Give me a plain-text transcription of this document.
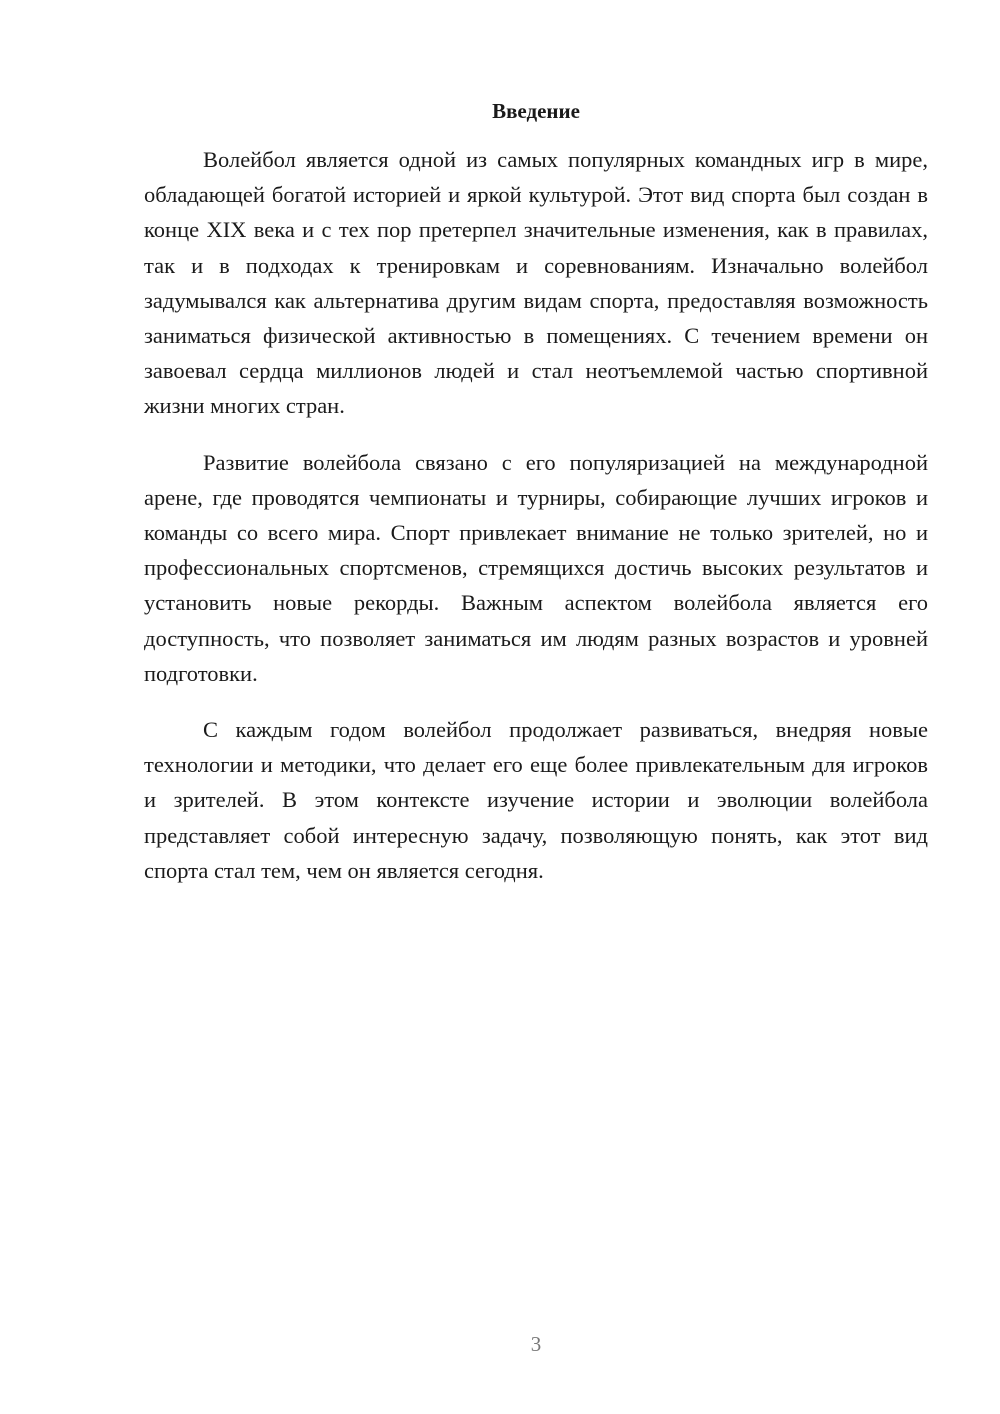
Введение

Волейбол является одной из самых популярных командных игр в мире, обладающей богатой историей и яркой культурой. Этот вид спорта был создан в конце XIX века и с тех пор претерпел значительные изменения, как в правилах, так и в подходах к тренировкам и соревнованиям. Изначально волейбол задумывался как альтернатива другим видам спорта, предоставляя возможность заниматься физической активностью в помещениях. С течением времени он завоевал сердца миллионов людей и стал неотъемлемой частью спортивной жизни многих стран.

Развитие волейбола связано с его популяризацией на международной арене, где проводятся чемпионаты и турниры, собирающие лучших игроков и команды со всего мира. Спорт привлекает внимание не только зрителей, но и профессиональных спортсменов, стремящихся достичь высоких результатов и установить новые рекорды. Важным аспектом волейбола является его доступность, что позволяет заниматься им людям разных возрастов и уровней подготовки.

С каждым годом волейбол продолжает развиваться, внедряя новые технологии и методики, что делает его еще более привлекательным для игроков и зрителей. В этом контексте изучение истории и эволюции волейбола представляет собой интересную задачу, позволяющую понять, как этот вид спорта стал тем, чем он является сегодня.

3
